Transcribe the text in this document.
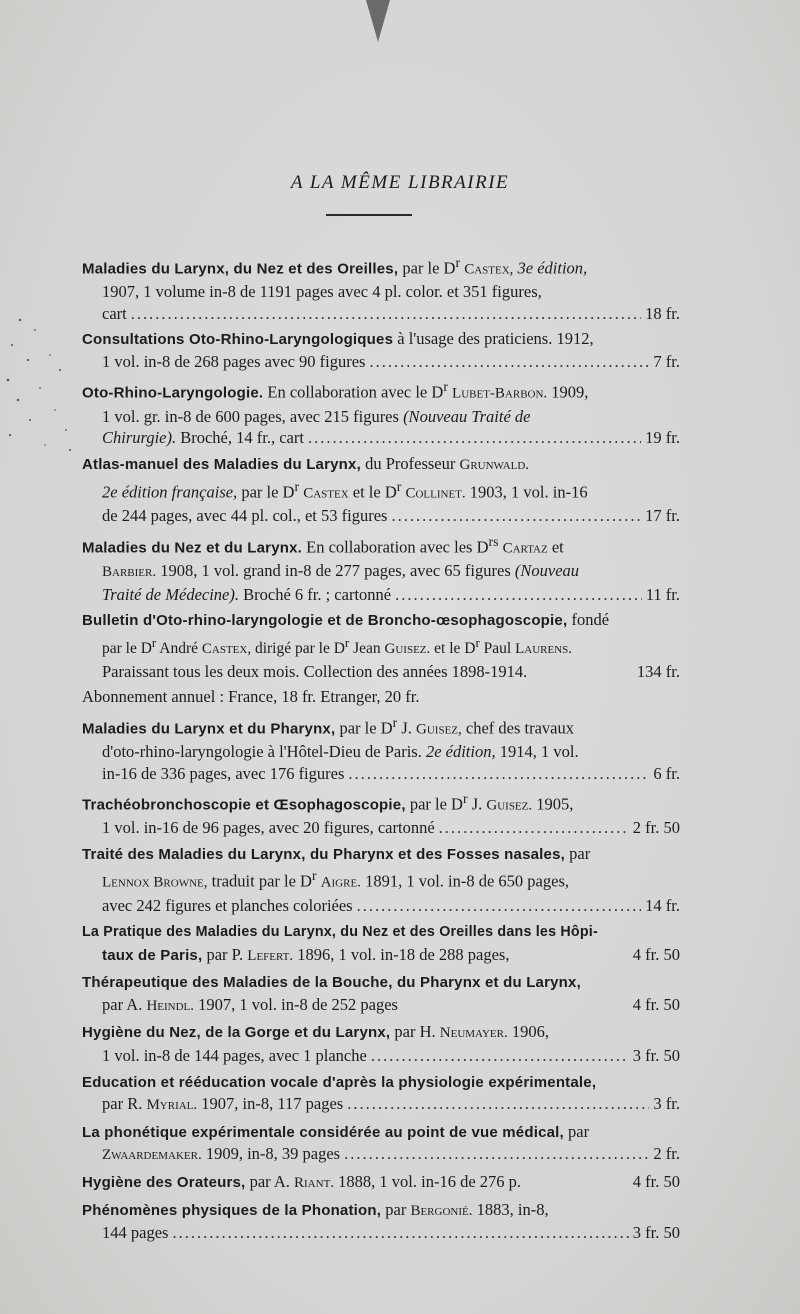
A LA MÊME LIBRAIRIE
Maladies du Larynx, du Nez et des Oreilles, par le $D^r$ Castex, 3e édition,
1907, 1 volume in-8 de 1191 pages avec 4 pl. color. et 351 figures,
cart .....	18 fr.
Consultations Oto-Rhino-Laryngologiques à l'usage des praticiens. 1912,
1 vol. in-8 de 268 pages avec 90 figures .....	7 fr.
Oto-Rhino-Laryngologie. En collaboration avec le $D^r$ Lubet-Barbon. 1909,
1 vol. gr. in-8 de 600 pages, avec 215 figures (Nouveau Traité de
Chirurgie).
Broché, 14 fr., cart .....	19 fr.
Atlas-manuel des Maladies du Larynx, du Professeur Grunwald.
2e édition française, par le $D^r$ Castex et le $D^r$ Collinet. 1903, 1 vol. in-16
de 244 pages, avec 44 pl. col., et 53 figures .....	17 fr.
Maladies du Nez et du Larynx. En collaboration avec les $D^{rs}$ Cartaz et
Barbier. 1908, 1 vol. grand in-8 de 277 pages, avec 65 figures (Nouveau
Traité de Médecine).
Broché 6 fr. ; cartonné .....	11 fr.
Bulletin d'Oto-rhino-laryngologie et de Broncho-œsophagoscopie, fondé
par le $D^r$ André Castex, dirigé par le $D^r$ Jean Guisez. et le $D^r$ Paul Laurens.
Paraissant tous les deux mois. Collection des années 1898-1914.	134 fr.
Abonnement annuel : France, 18 fr. Etranger, 20 fr.
Maladies du Larynx et du Pharynx, par le $D^r$ J. Guisez, chef des travaux
d'oto-rhino-laryngologie à l'Hôtel-Dieu de Paris. 2e édition, 1914, 1 vol.
in-16 de 336 pages, avec 176 figures .....	6 fr.
Trachéobronchoscopie et Œsophagoscopie, par le $D^r$ J. Guisez. 1905,
1 vol. in-16 de 96 pages, avec 20 figures, cartonné .....	2 fr. 50
Traité des Maladies du Larynx, du Pharynx et des Fosses nasales, par
Lennox Browne, traduit par le $D^r$ Aigre. 1891, 1 vol. in-8 de 650 pages,
avec 242 figures et planches coloriées .....	14 fr.
La Pratique des Maladies du Larynx, du Nez et des Oreilles dans les Hôpi-
taux de Paris, par P. Lefert. 1896, 1 vol. in-18 de 288 pages,	4 fr. 50
Thérapeutique des Maladies de la Bouche, du Pharynx et du Larynx,
par A. Heindl. 1907, 1 vol. in-8 de 252 pages	4 fr. 50
Hygiène du Nez, de la Gorge et du Larynx, par H. Neumayer. 1906,
1 vol. in-8 de 144 pages, avec 1 planche .....	3 fr. 50
Education et rééducation vocale d'après la physiologie expérimentale,
par R. Myrial. 1907, in-8, 117 pages .....	3 fr.
La phonétique expérimentale considérée au point de vue médical, par
Zwaardemaker. 1909, in-8, 39 pages .....	2 fr.
Hygiène des Orateurs, par A. Riant. 1888, 1 vol. in-16 de 276 p.	4 fr. 50
Phénomènes physiques de la Phonation, par Bergonié. 1883, in-8,
144 pages .....	3 fr. 50
